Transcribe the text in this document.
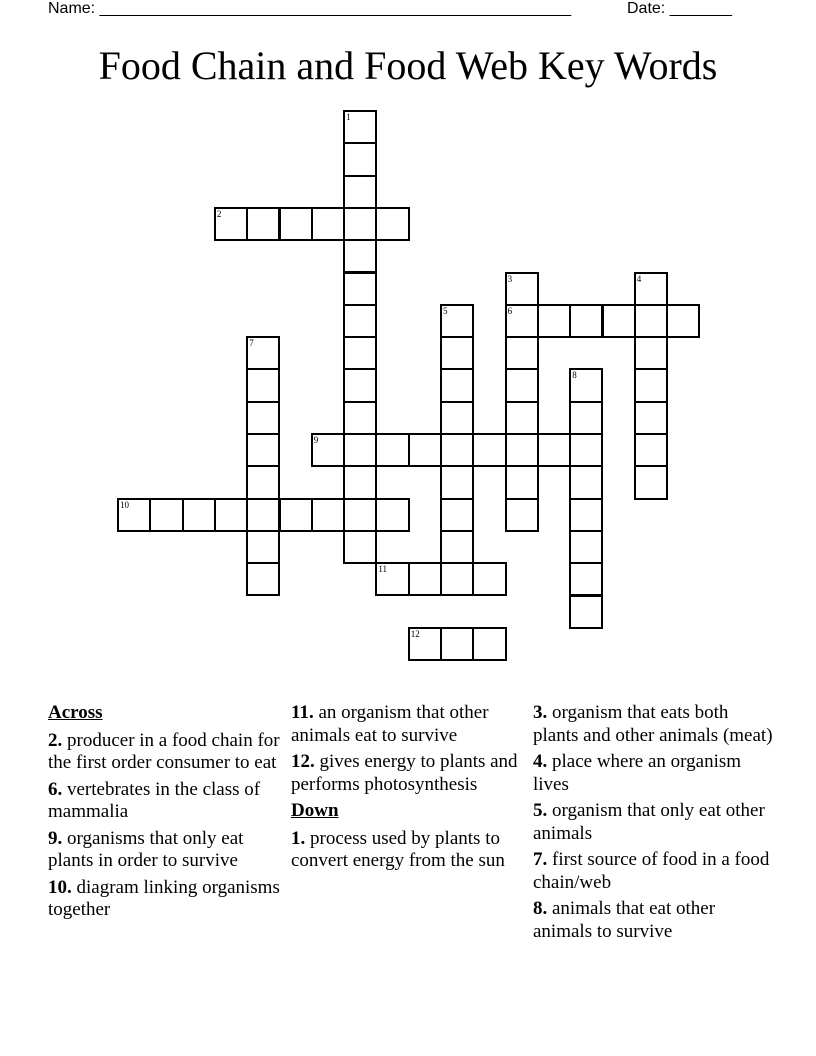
Name: _____________________________________________________	Date: _______
Food Chain and Food Web Key Words
1
2
3
6
4
5
7
8
9
10
11
12
Across
2. producer in a food chain for the first order consumer to eat
6. vertebrates in the class of mammalia
9. organisms that only eat plants in order to survive
10. diagram linking organisms together
11. an organism that other animals eat to survive
12. gives energy to plants and performs photosynthesis
Down
1. process used by plants to convert energy from the sun
3. organism that eats both plants and other animals (meat)
4. place where an organism lives
5. organism that only eat other animals
7. first source of food in a food chain/web
8. animals that eat other animals to survive
